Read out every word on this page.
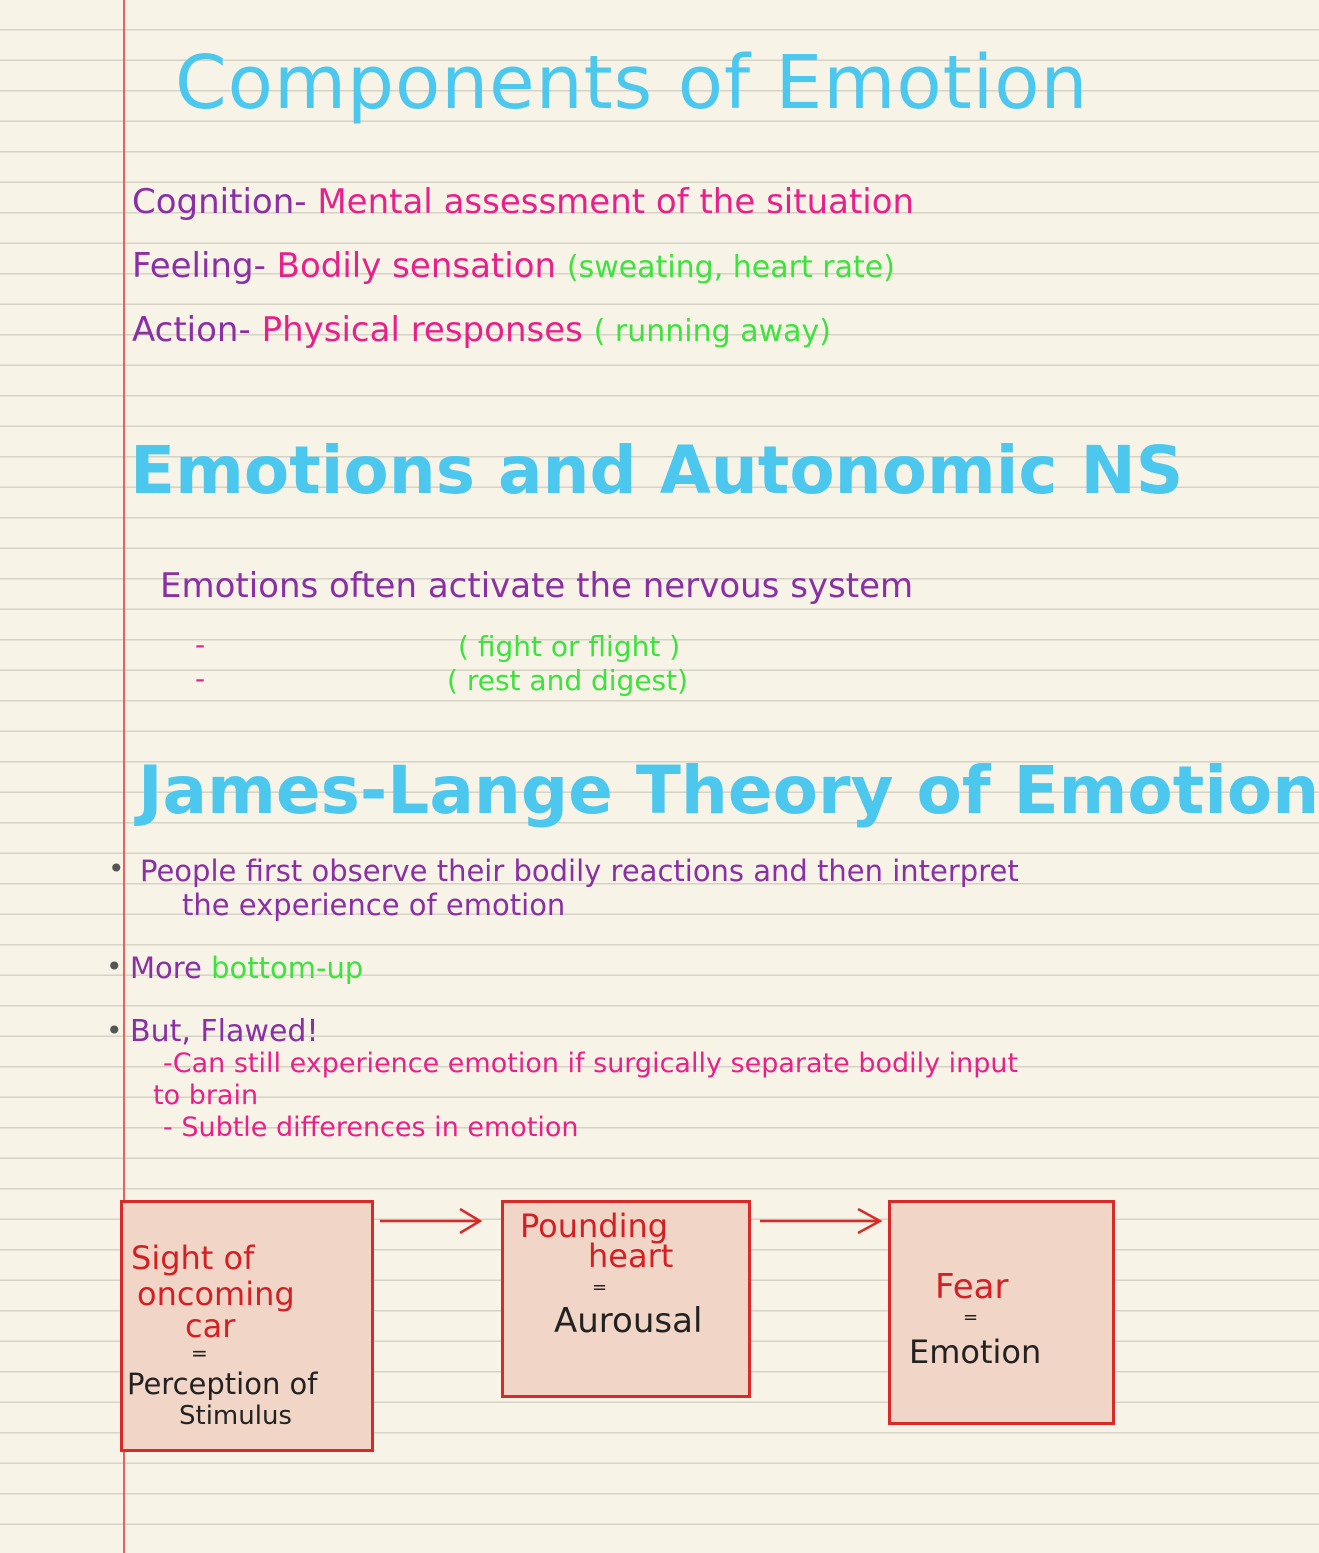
Components of Emotion
Cognition- Mental assessment of the situation
Feeling- Bodily sensation (sweating, heart rate)
Action- Physical responses ( running away)
Emotions and Autonomic NS
Emotions often activate the nervous system
-	( fight or flight )
-	( rest and digest)
James-Lange Theory of Emotion
• People first observe their bodily reactions and then interpret
the experience of emotion
• More bottom-up
• But, Flawed!
-Can still experience emotion if surgically separate bodily input
to brain
- Subtle differences in emotion
Sight of
oncoming
car
=
Perception of
Stimulus
Pounding
heart
=
Aurousal
Fear
=
Emotion
